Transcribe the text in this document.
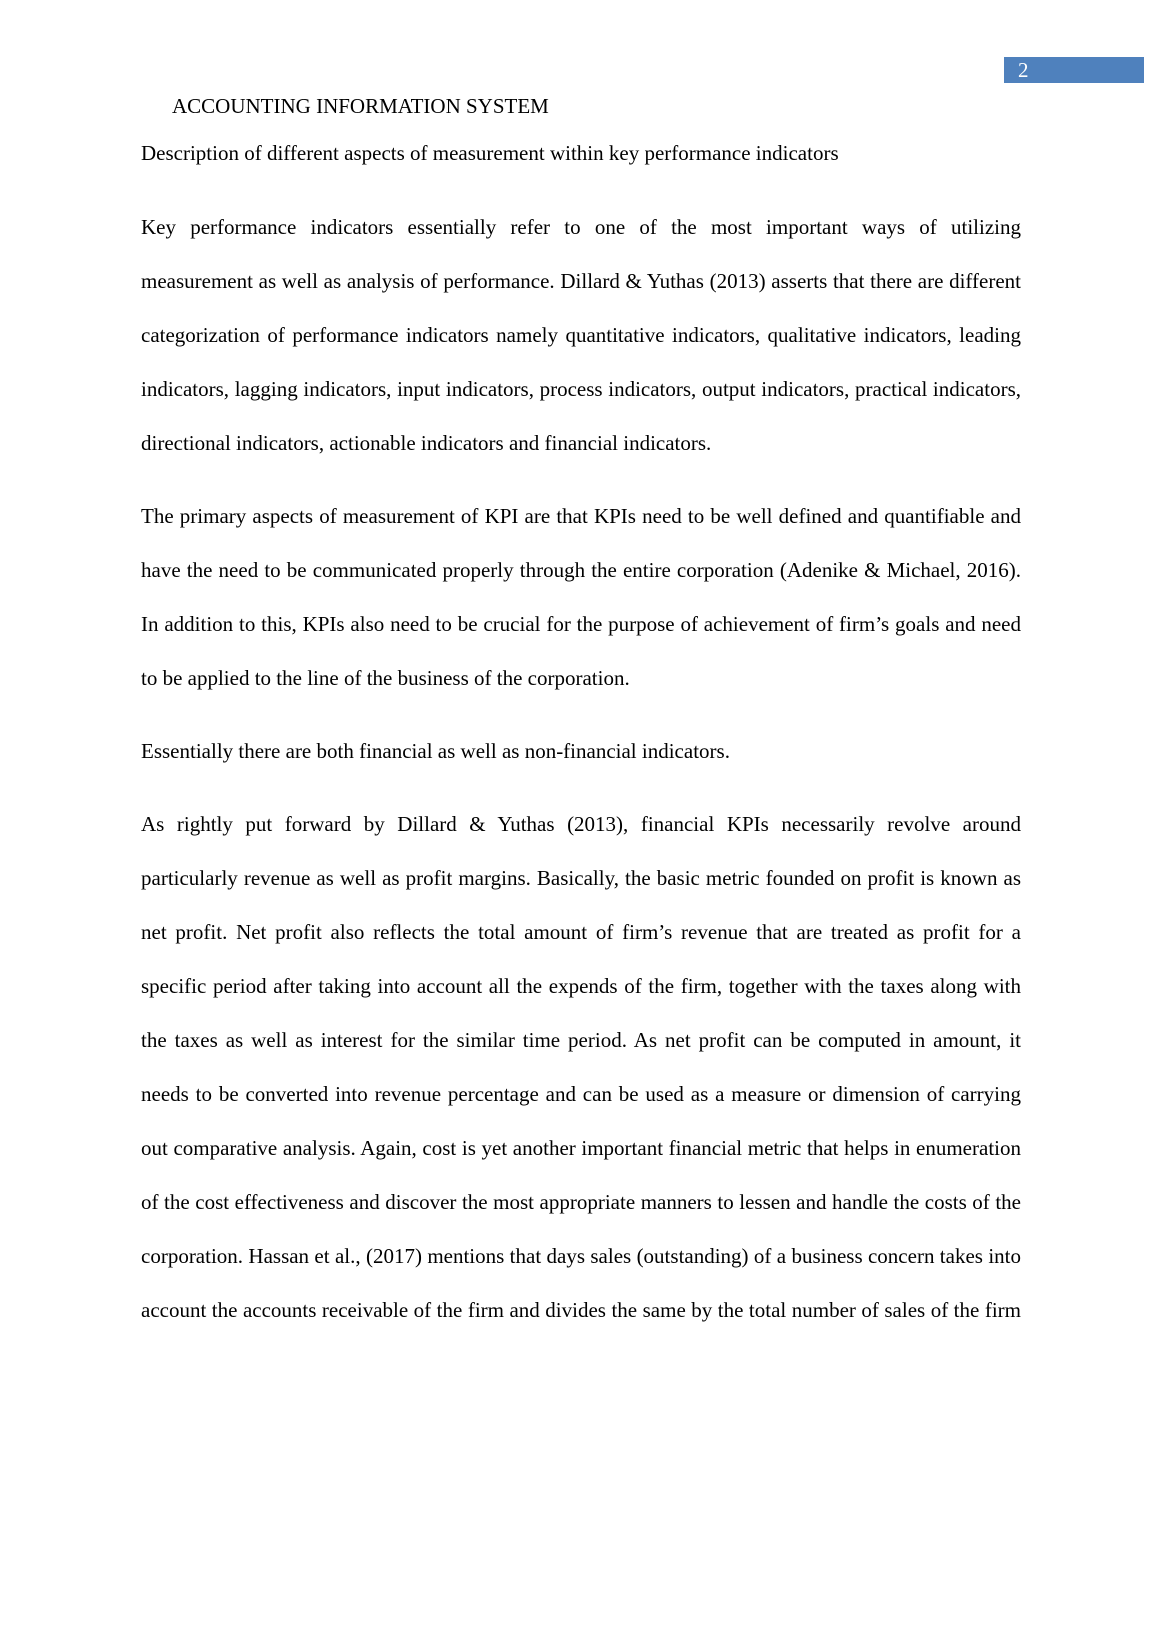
2
ACCOUNTING INFORMATION SYSTEM
Description of different aspects of measurement within key performance indicators

Key performance indicators essentially refer to one of the most important ways of utilizing measurement as well as analysis of performance. Dillard & Yuthas (2013) asserts that there are different categorization of performance indicators namely quantitative indicators, qualitative indicators, leading indicators, lagging indicators, input indicators, process indicators, output indicators, practical indicators, directional indicators, actionable indicators and financial indicators.

The primary aspects of measurement of KPI are that KPIs need to be well defined and quantifiable and have the need to be communicated properly through the entire corporation (Adenike & Michael, 2016). In addition to this, KPIs also need to be crucial for the purpose of achievement of firm’s goals and need to be applied to the line of the business of the corporation.

Essentially there are both financial as well as non-financial indicators.

As rightly put forward by Dillard & Yuthas (2013), financial KPIs necessarily revolve around particularly revenue as well as profit margins. Basically, the basic metric founded on profit is known as net profit. Net profit also reflects the total amount of firm’s revenue that are treated as profit for a specific period after taking into account all the expends of the firm, together with the taxes along with the taxes as well as interest for the similar time period. As net profit can be computed in amount, it needs to be converted into revenue percentage and can be used as a measure or dimension of carrying out comparative analysis. Again, cost is yet another important financial metric that helps in enumeration of the cost effectiveness and discover the most appropriate manners to lessen and handle the costs of the corporation. Hassan et al., (2017) mentions that days sales (outstanding) of a business concern takes into account the accounts receivable of the firm and divides the same by the total number of sales of the firm
